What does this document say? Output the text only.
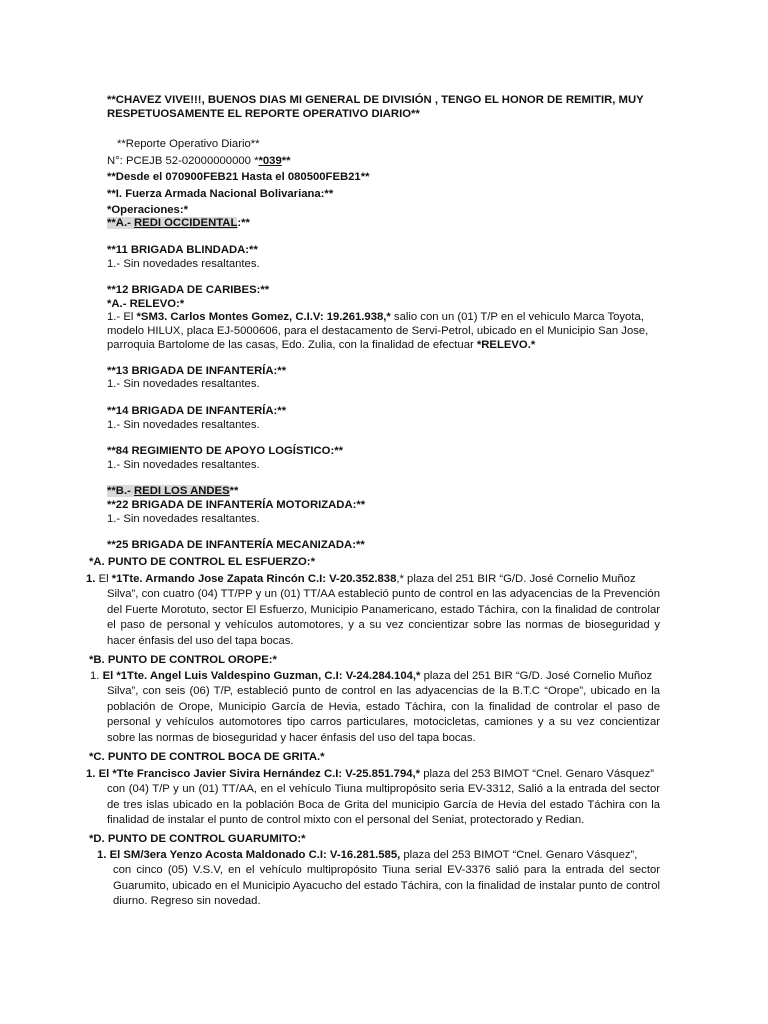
**CHAVEZ VIVE!!!, BUENOS DIAS MI GENERAL DE DIVISIÓN , TENGO EL HONOR DE REMITIR, MUY
RESPETUOSAMENTE EL REPORTE OPERATIVO DIARIO**
**Reporte Operativo Diario**
N°: PCEJB 52-02000000000 **039**
**Desde el 070900FEB21 Hasta el 080500FEB21**
**I. Fuerza Armada Nacional Bolivariana:**
*Operaciones:*
**A.- REDI OCCIDENTAL:**
**11 BRIGADA BLINDADA:**
1.- Sin novedades resaltantes.
**12 BRIGADA DE CARIBES:**
*A.- RELEVO:*
1.- El *SM3. Carlos Montes Gomez, C.I.V: 19.261.938,* salio con un (01) T/P en el vehiculo Marca Toyota,
modelo HILUX, placa EJ-5000606, para el destacamento de Servi-Petrol, ubicado en el Municipio San Jose,
parroquia Bartolome de las casas, Edo. Zulia, con la finalidad de efectuar *RELEVO.*
**13 BRIGADA DE INFANTERÍA:**
1.- Sin novedades resaltantes.
**14 BRIGADA DE INFANTERÍA:**
1.- Sin novedades resaltantes.
**84 REGIMIENTO DE APOYO LOGÍSTICO:**
1.- Sin novedades resaltantes.
**B.- REDI LOS ANDES**
**22 BRIGADA DE INFANTERÍA MOTORIZADA:**
1.- Sin novedades resaltantes.
**25 BRIGADA DE INFANTERÍA MECANIZADA:**
*A. PUNTO DE CONTROL EL ESFUERZO:*
1. El *1Tte. Armando Jose Zapata Rincón C.I: V-20.352.838,* plaza del 251 BIR “G/D. José Cornelio Muñoz
Silva”, con cuatro (04) TT/PP y un (01) TT/AA estableció punto de control en las adyacencias de la Prevención del Fuerte Morotuto, sector El Esfuerzo, Municipio Panamericano, estado Táchira, con la finalidad de controlar el paso de personal y vehículos automotores, y a su vez concientizar sobre las normas de bioseguridad y hacer énfasis del uso del tapa bocas.
*B. PUNTO DE CONTROL OROPE:*
1. El *1Tte. Angel Luis Valdespino Guzman, C.I: V-24.284.104,* plaza del 251 BIR “G/D. José Cornelio Muñoz
Silva”, con seis (06) T/P, estableció punto de control en las adyacencias de la B.T.C “Orope”, ubicado en la población de Orope, Municipio García de Hevia, estado Táchira, con la finalidad de controlar el paso de personal y vehículos automotores tipo carros particulares, motocicletas, camiones y a su vez concientizar sobre las normas de bioseguridad y hacer énfasis del uso del tapa bocas.
*C. PUNTO DE CONTROL BOCA DE GRITA.*
1. El *Tte Francisco Javier Sivira Hernández C.I: V-25.851.794,* plaza del 253 BIMOT “Cnel. Genaro Vásquez”
con (04) T/P y un (01) TT/AA, en el vehículo Tiuna multipropósito seria EV-3312, Salió a la entrada del sector de tres islas ubicado en la población Boca de Grita del municipio García de Hevia del estado Táchira con la finalidad de instalar el punto de control mixto con el personal del Seniat, protectorado y Redian.
*D. PUNTO DE CONTROL GUARUMITO:*
1. El SM/3era Yenzo Acosta Maldonado C.I: V-16.281.585, plaza del 253 BIMOT “Cnel. Genaro Vásquez”,
con cinco (05) V.S.V, en el vehículo multipropósito Tiuna serial EV-3376 salió para la entrada del sector Guarumito, ubicado en el Municipio Ayacucho del estado Táchira, con la finalidad de instalar punto de control diurno. Regreso sin novedad.
